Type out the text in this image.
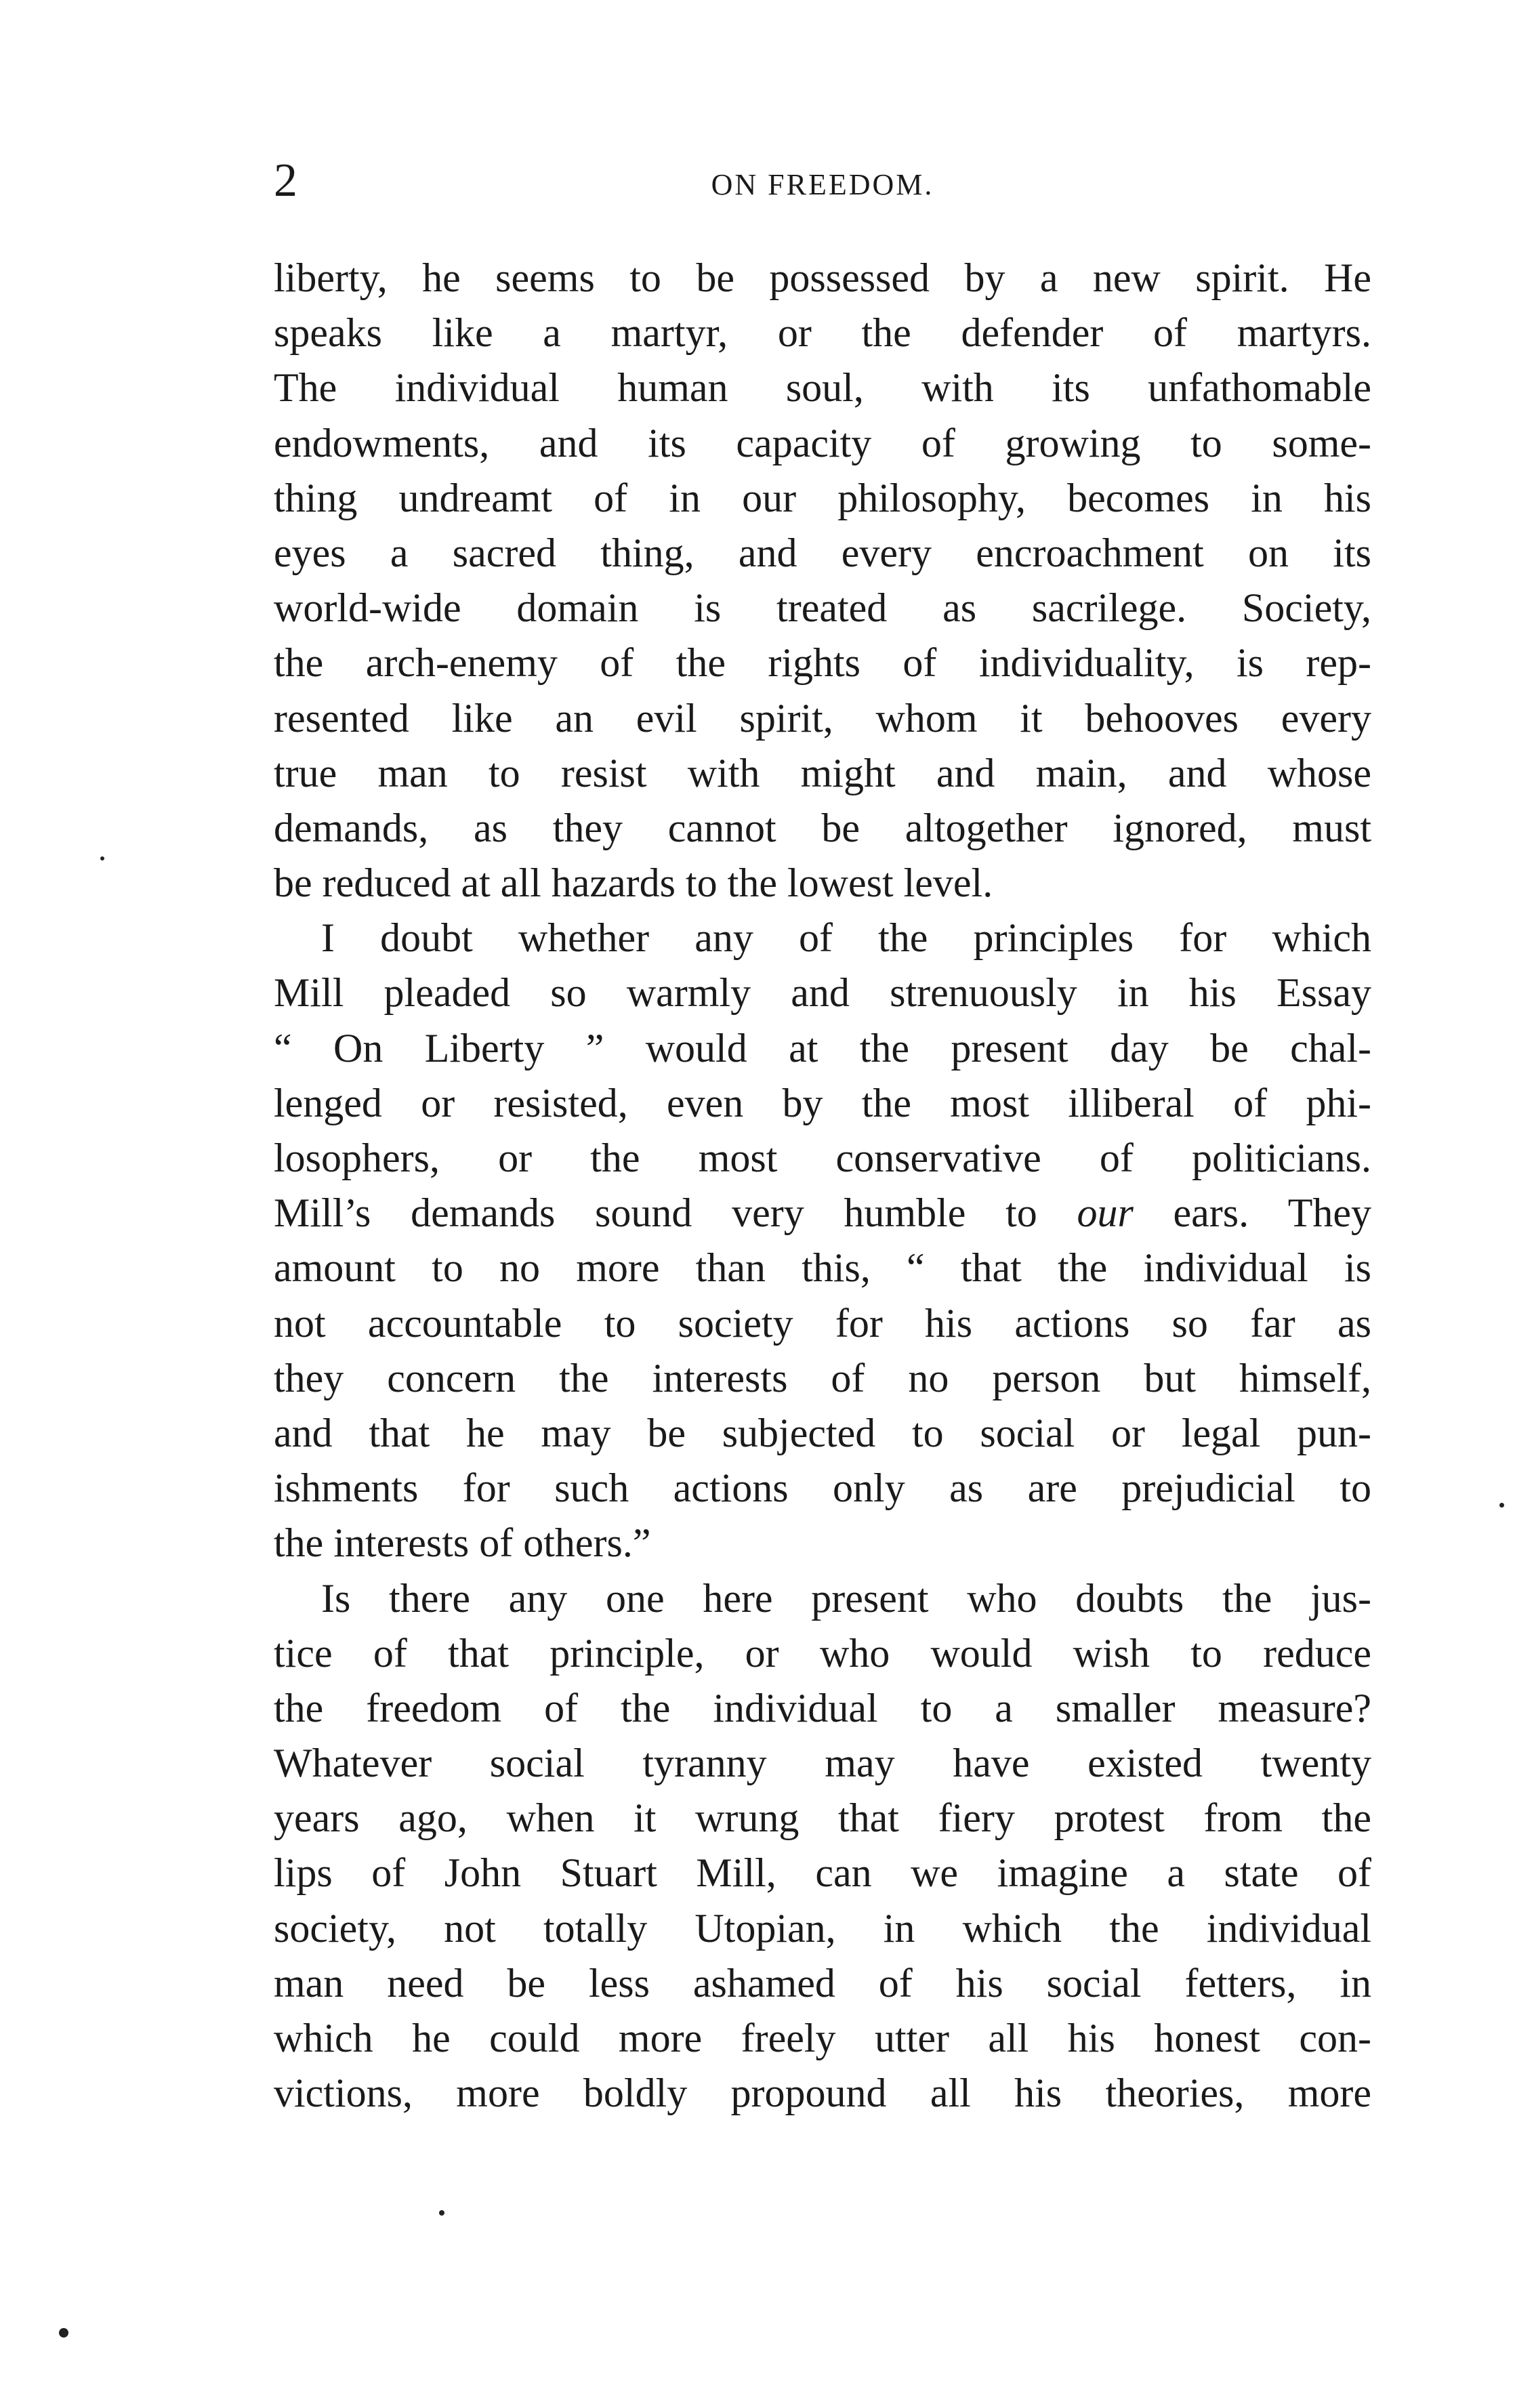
2	ON FREEDOM.
liberty, he seems to be possessed by a new spirit. He
speaks like a martyr, or the defender of martyrs.
The individual human soul, with its unfathomable
endowments, and its capacity of growing to some-
thing undreamt of in our philosophy, becomes in his
eyes a sacred thing, and every encroachment on its
world-wide domain is treated as sacrilege. Society,
the arch-enemy of the rights of individuality, is rep-
resented like an evil spirit, whom it behooves every
true man to resist with might and main, and whose
demands, as they cannot be altogether ignored, must
be reduced at all hazards to the lowest level.
I doubt whether any of the principles for which
Mill pleaded so warmly and strenuously in his Essay
“ On Liberty ” would at the present day be chal-
lenged or resisted, even by the most illiberal of phi-
losophers, or the most conservative of politicians.
Mill’s demands sound very humble to our ears. They
amount to no more than this, “ that the individual is
not accountable to society for his actions so far as
they concern the interests of no person but himself,
and that he may be subjected to social or legal pun-
ishments for such actions only as are prejudicial to
the interests of others.”
Is there any one here present who doubts the jus-
tice of that principle, or who would wish to reduce
the freedom of the individual to a smaller measure?
Whatever social tyranny may have existed twenty
years ago, when it wrung that fiery protest from the
lips of John Stuart Mill, can we imagine a state of
society, not totally Utopian, in which the individual
man need be less ashamed of his social fetters, in
which he could more freely utter all his honest con-
victions, more boldly propound all his theories, more
